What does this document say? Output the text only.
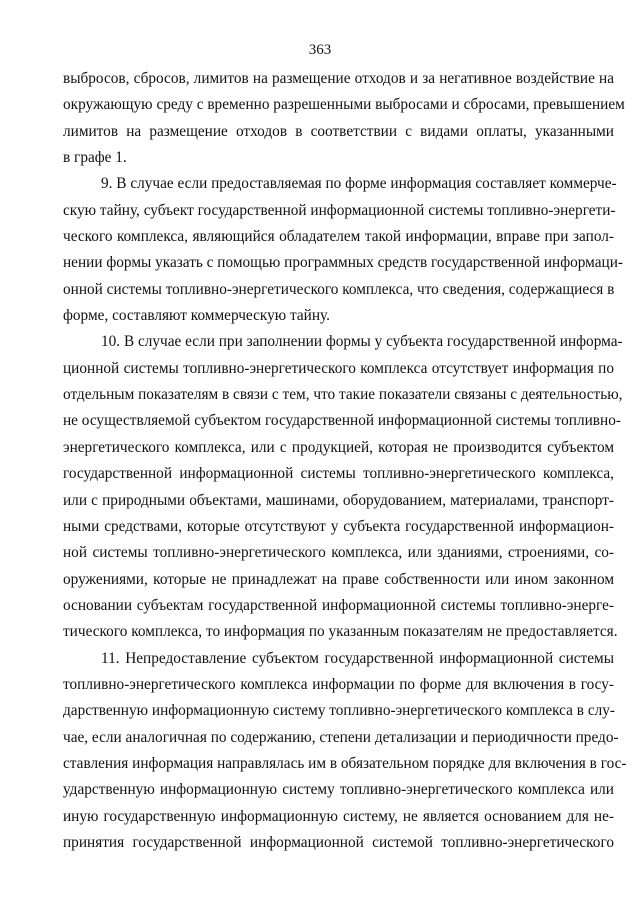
363
выбросов, сбросов, лимитов на размещение отходов и за негативное воздействие на
окружающую среду с временно разрешенными выбросами и сбросами, превышением
лимитов на размещение отходов в соответствии с видами оплаты, указанными
в графе 1.
9. В случае если предоставляемая по форме информация составляет коммерче-
скую тайну, субъект государственной информационной системы топливно-энергети-
ческого комплекса, являющийся обладателем такой информации, вправе при запол-
нении формы указать с помощью программных средств государственной информаци-
онной системы топливно-энергетического комплекса, что сведения, содержащиеся в
форме, составляют коммерческую тайну.
10. В случае если при заполнении формы у субъекта государственной информа-
ционной системы топливно-энергетического комплекса отсутствует информация по
отдельным показателям в связи с тем, что такие показатели связаны с деятельностью,
не осуществляемой субъектом государственной информационной системы топливно-
энергетического комплекса, или с продукцией, которая не производится субъектом
государственной информационной системы топливно-энергетического комплекса,
или с природными объектами, машинами, оборудованием, материалами, транспорт-
ными средствами, которые отсутствуют у субъекта государственной информацион-
ной системы топливно-энергетического комплекса, или зданиями, строениями, со-
оружениями, которые не принадлежат на праве собственности или ином законном
основании субъектам государственной информационной системы топливно-энерге-
тического комплекса, то информация по указанным показателям не предоставляется.
11. Непредоставление субъектом государственной информационной системы
топливно-энергетического комплекса информации по форме для включения в госу-
дарственную информационную систему топливно-энергетического комплекса в слу-
чае, если аналогичная по содержанию, степени детализации и периодичности предо-
ставления информация направлялась им в обязательном порядке для включения в гос-
ударственную информационную систему топливно-энергетического комплекса или
иную государственную информационную систему, не является основанием для не-
принятия государственной информационной системой топливно-энергетического
